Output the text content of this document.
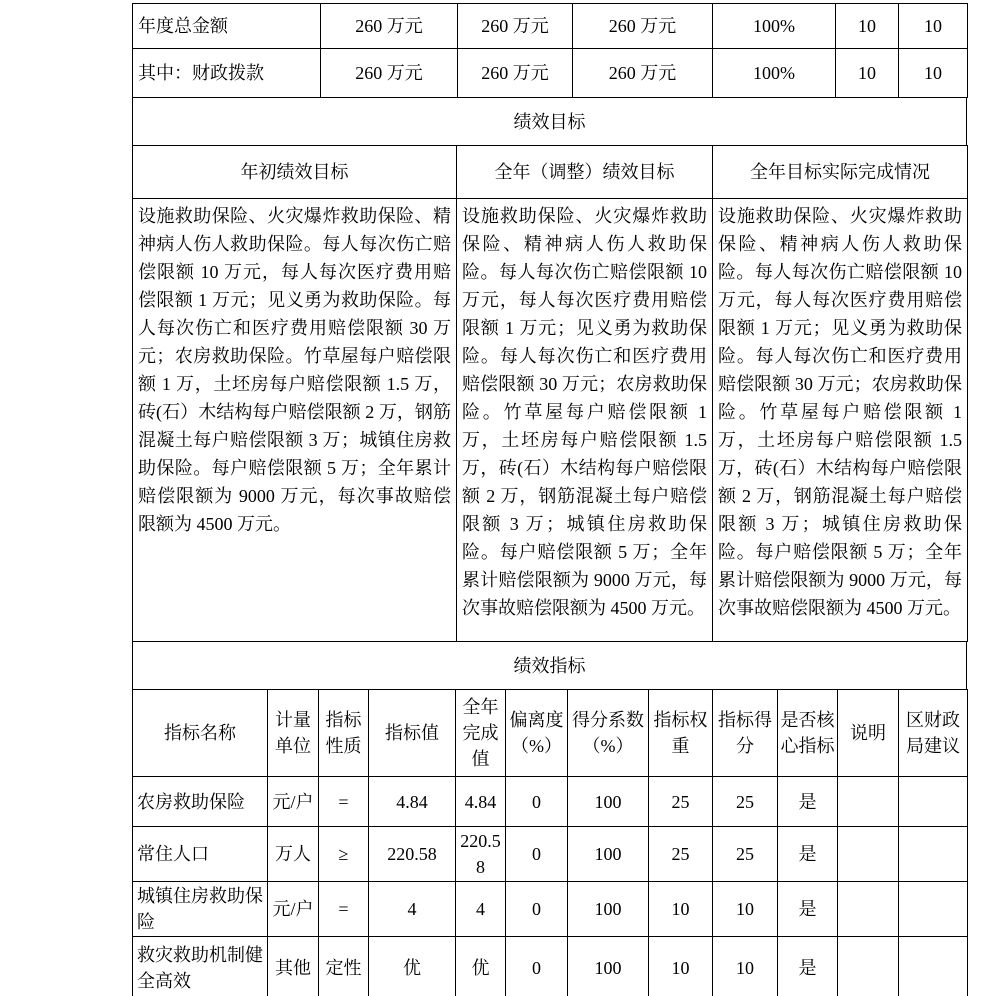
年度总金额	260 万元	260 万元	260 万元	100%	10	10
其中：财政拨款	260 万元	260 万元	260 万元	100%	10	10
绩效目标
年初绩效目标	全年（调整）绩效目标	全年目标实际完成情况
设施救助保险、火灾爆炸救助保险、精神病人伤人救助保险。每人每次伤亡赔偿限额 10 万元，每人每次医疗费用赔偿限额 1 万元；见义勇为救助保险。每人每次伤亡和医疗费用赔偿限额 30 万元；农房救助保险。竹草屋每户赔偿限额 1 万，土坯房每户赔偿限额 1.5 万，砖(石）木结构每户赔偿限额 2 万，钢筋混凝土每户赔偿限额 3 万；城镇住房救助保险。每户赔偿限额 5 万；全年累计赔偿限额为 9000 万元，每次事故赔偿限额为 4500 万元。	设施救助保险、火灾爆炸救助保险、精神病人伤人救助保险。每人每次伤亡赔偿限额 10 万元，每人每次医疗费用赔偿限额 1 万元；见义勇为救助保险。每人每次伤亡和医疗费用赔偿限额 30 万元；农房救助保险。竹草屋每户赔偿限额 1 万，土坯房每户赔偿限额 1.5 万，砖(石）木结构每户赔偿限额 2 万，钢筋混凝土每户赔偿限额 3 万；城镇住房救助保险。每户赔偿限额 5 万；全年累计赔偿限额为 9000 万元，每次事故赔偿限额为 4500 万元。	设施救助保险、火灾爆炸救助保险、精神病人伤人救助保险。每人每次伤亡赔偿限额 10 万元，每人每次医疗费用赔偿限额 1 万元；见义勇为救助保险。每人每次伤亡和医疗费用赔偿限额 30 万元；农房救助保险。竹草屋每户赔偿限额 1 万，土坯房每户赔偿限额 1.5 万，砖(石）木结构每户赔偿限额 2 万，钢筋混凝土每户赔偿限额 3 万；城镇住房救助保险。每户赔偿限额 5 万；全年累计赔偿限额为 9000 万元，每次事故赔偿限额为 4500 万元。
绩效指标
指标名称	计量单位	指标性质	指标值	全年完成值	偏离度（%）	得分系数（%）	指标权重	指标得分	是否核心指标	说明	区财政局建议
农房救助保险	元/户	=	4.84	4.84	0	100	25	25	是		
常住人口	万人	≥	220.58	220.58	0	100	25	25	是		
城镇住房救助保险	元/户	=	4	4	0	100	10	10	是		
救灾救助机制健全高效	其他	定性	优	优	0	100	10	10	是		
